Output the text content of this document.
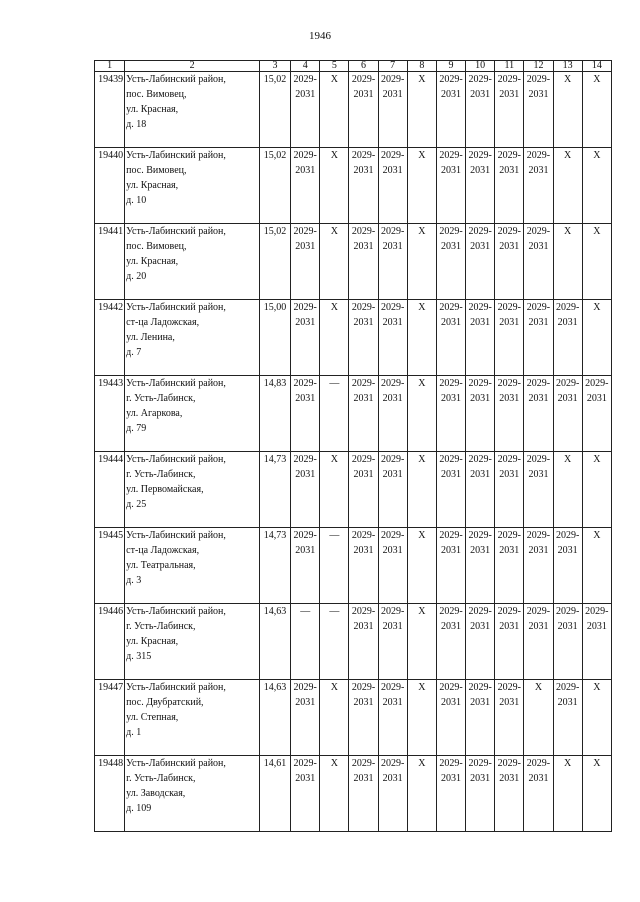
1946
1	2	3	4	5	6	7	8	9	10	11	12	13	14
19439	Усть-Лабинский район,
пос. Вимовец,
ул. Красная,
д. 18	15,02	2029-
2031	X	2029-
2031	2029-
2031	X	2029-
2031	2029-
2031	2029-
2031	2029-
2031	X	X

19440	Усть-Лабинский район,
пос. Вимовец,
ул. Красная,
д. 10	15,02	2029-
2031	X	2029-
2031	2029-
2031	X	2029-
2031	2029-
2031	2029-
2031	2029-
2031	X	X

19441	Усть-Лабинский район,
пос. Вимовец,
ул. Красная,
д. 20	15,02	2029-
2031	X	2029-
2031	2029-
2031	X	2029-
2031	2029-
2031	2029-
2031	2029-
2031	X	X

19442	Усть-Лабинский район,
ст-ца Ладожская,
ул. Ленина,
д. 7	15,00	2029-
2031	X	2029-
2031	2029-
2031	X	2029-
2031	2029-
2031	2029-
2031	2029-
2031	2029-
2031	X

19443	Усть-Лабинский район,
г. Усть-Лабинск,
ул. Агаркова,
д. 79	14,83	2029-
2031	—	2029-
2031	2029-
2031	X	2029-
2031	2029-
2031	2029-
2031	2029-
2031	2029-
2031	2029-
2031

19444	Усть-Лабинский район,
г. Усть-Лабинск,
ул. Первомайская,
д. 25	14,73	2029-
2031	X	2029-
2031	2029-
2031	X	2029-
2031	2029-
2031	2029-
2031	2029-
2031	X	X

19445	Усть-Лабинский район,
ст-ца Ладожская,
ул. Театральная,
д. 3	14,73	2029-
2031	—	2029-
2031	2029-
2031	X	2029-
2031	2029-
2031	2029-
2031	2029-
2031	2029-
2031	X

19446	Усть-Лабинский район,
г. Усть-Лабинск,
ул. Красная,
д. 315	14,63	—	—	2029-
2031	2029-
2031	X	2029-
2031	2029-
2031	2029-
2031	2029-
2031	2029-
2031	2029-
2031

19447	Усть-Лабинский район,
пос. Двубратский,
ул. Степная,
д. 1	14,63	2029-
2031	X	2029-
2031	2029-
2031	X	2029-
2031	2029-
2031	2029-
2031	X	2029-
2031	X

19448	Усть-Лабинский район,
г. Усть-Лабинск,
ул. Заводская,
д. 109	14,61	2029-
2031	X	2029-
2031	2029-
2031	X	2029-
2031	2029-
2031	2029-
2031	2029-
2031	X	X
